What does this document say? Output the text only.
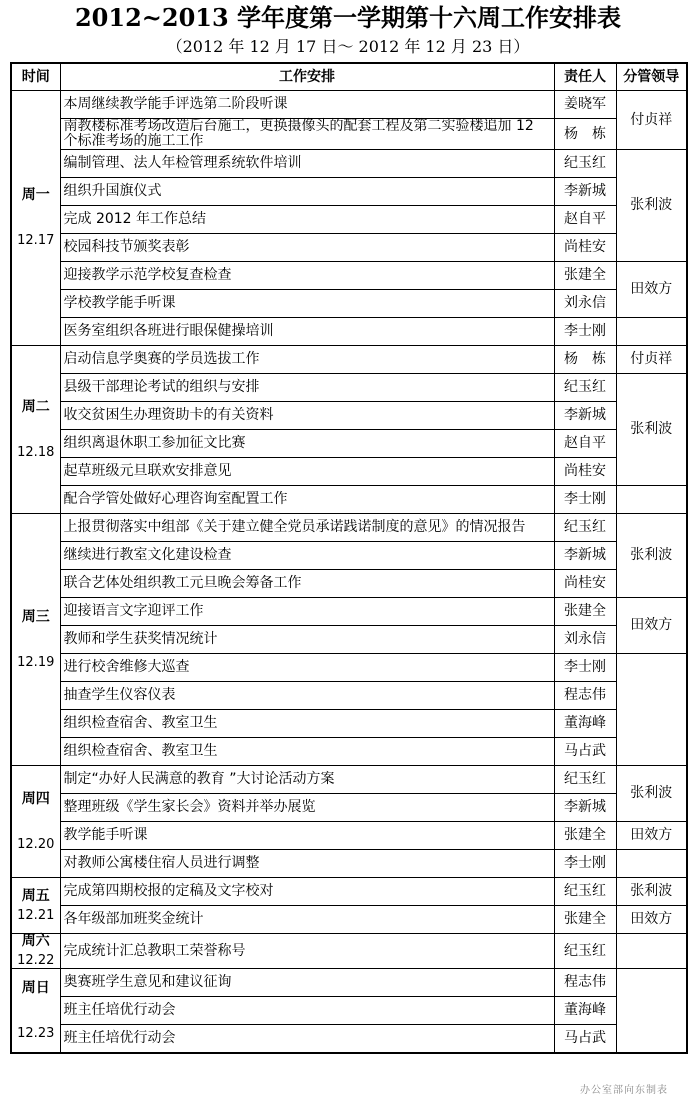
2012~2013 学年度第一学期第十六周工作安排表
（2012 年 12 月 17 日～ 2012 年 12 月 23 日）
时间	工作安排	责任人	分管领导

周一
12.17	本周继续教学能手评选第二阶段听课	姜晓军	付贞祥
	南教楼标准考场改造后台施工，更换摄像头的配套工程及第二实验楼追加 12 个标准考场的施工工作	杨　栋	
	编制管理、法人年检管理系统软件培训	纪玉红	张利波
	组织升国旗仪式	李新城	
	完成 2012 年工作总结	赵自平	
	校园科技节颁奖表彰	尚桂安	
	迎接教学示范学校复查检查	张建全	田效方
	学校教学能手听课	刘永信	
	医务室组织各班进行眼保健操培训	李士刚	

周二
12.18	启动信息学奥赛的学员选拔工作	杨　栋	付贞祥
	县级干部理论考试的组织与安排	纪玉红	张利波
	收交贫困生办理资助卡的有关资料	李新城	
	组织离退休职工参加征文比赛	赵自平	
	起草班级元旦联欢安排意见	尚桂安	
	配合学管处做好心理咨询室配置工作	李士刚	

周三
12.19	上报贯彻落实中组部《关于建立健全党员承诺践诺制度的意见》的情况报告	纪玉红	张利波
	继续进行教室文化建设检查	李新城	
	联合艺体处组织教工元旦晚会筹备工作	尚桂安	
	迎接语言文字迎评工作	张建全	田效方
	教师和学生获奖情况统计	刘永信	
	进行校舍维修大巡查	李士刚	
	抽查学生仪容仪表	程志伟	
	组织检查宿舍、教室卫生	董海峰	
	组织检查宿舍、教室卫生	马占武	

周四
12.20	制定“办好人民满意的教育 ”大讨论活动方案	纪玉红	张利波
	整理班级《学生家长会》资料并举办展览	李新城	
	教学能手听课	张建全	田效方
	对教师公寓楼住宿人员进行调整	李士刚	

周五
12.21	完成第四期校报的定稿及文字校对	纪玉红	张利波
	各年级部加班奖金统计	张建全	田效方

周六
12.22	完成统计汇总教职工荣誉称号	纪玉红	

周日
12.23	奥赛班学生意见和建议征询	程志伟	
	班主任培优行动会	董海峰	
	班主任培优行动会	马占武	
办公室部向东制表
